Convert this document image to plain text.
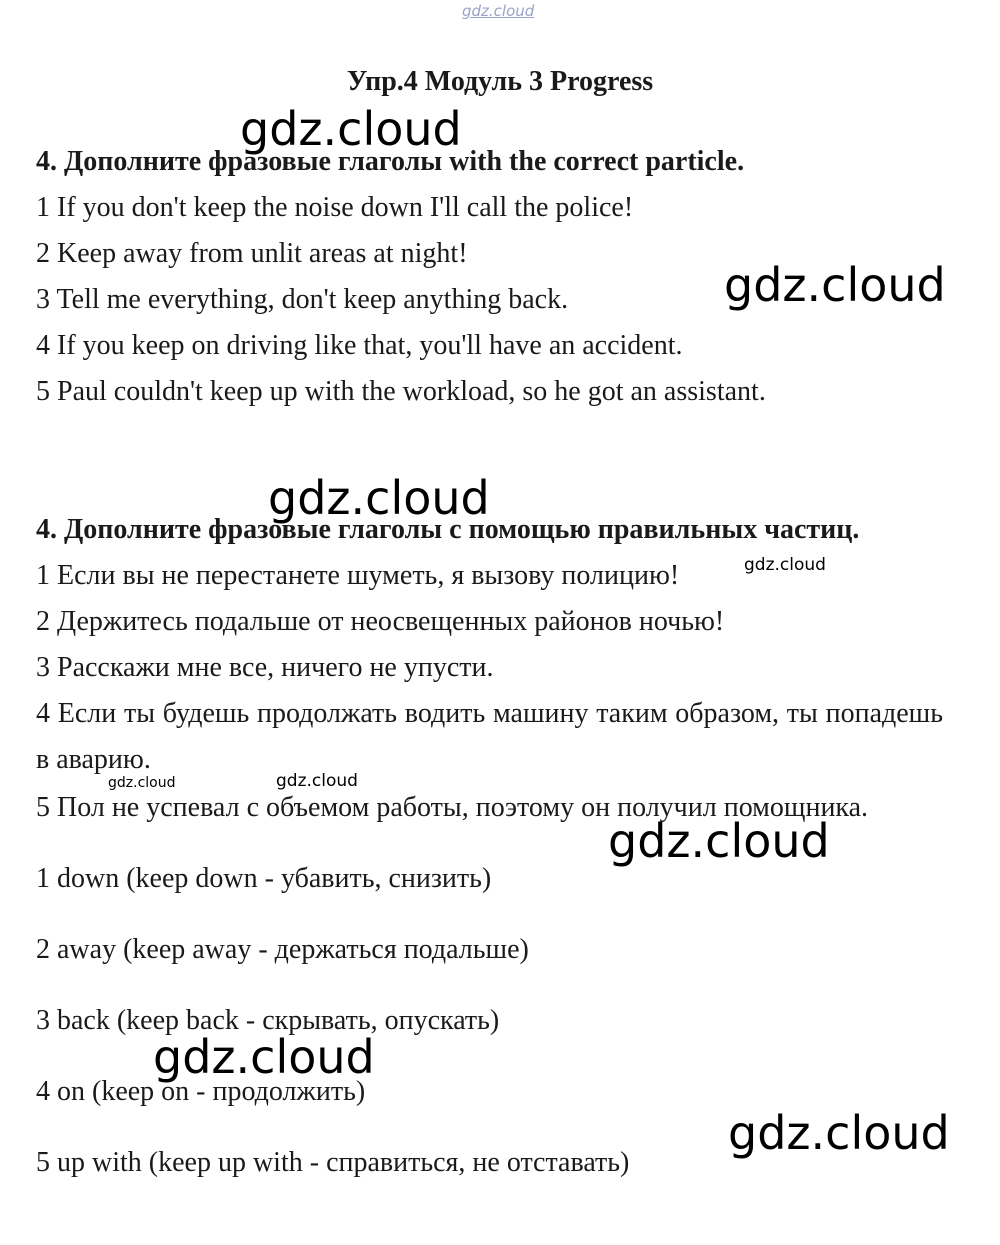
gdz.cloud
Упр.4 Модуль 3 Progress
4. Дополните фразовые глаголы with the correct particle.
1 If you don't keep the noise down I'll call the police!
2 Keep away from unlit areas at night!
3 Tell me everything, don't keep anything back.
4 If you keep on driving like that, you'll have an accident.
5 Paul couldn't keep up with the workload, so he got an assistant.
4. Дополните фразовые глаголы с помощью правильных частиц.
1 Если вы не перестанете шуметь, я вызову полицию!
2 Держитесь подальше от неосвещенных районов ночью!
3 Расскажи мне все, ничего не упусти.
4 Если ты будешь продолжать водить машину таким образом, ты попадешь в аварию.
5 Пол не успевал с объемом работы, поэтому он получил помощника.
1 down (keep down - убавить, снизить)
2 away (keep away - держаться подальше)
3 back (keep back - скрывать, опускать)
4 on (keep on - продолжить)
5 up with (keep up with - справиться, не отставать)
gdz.cloud
gdz.cloud
gdz.cloud
gdz.cloud
gdz.cloud	gdz.cloud
gdz.cloud
gdz.cloud
gdz.cloud
